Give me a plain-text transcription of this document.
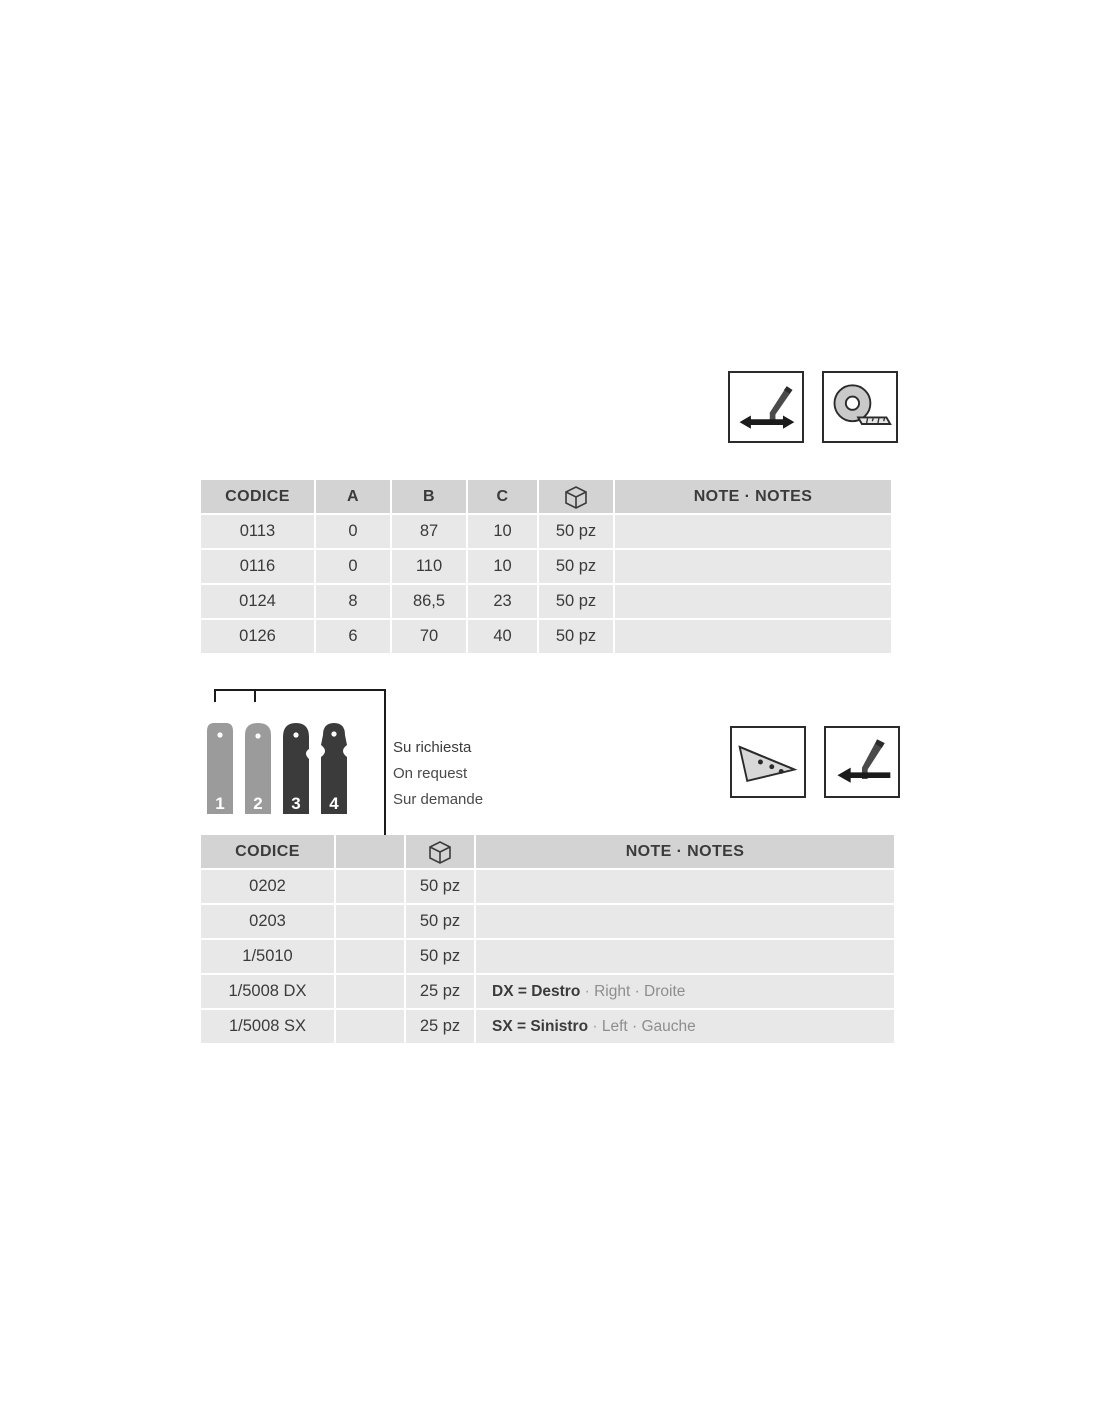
CODICE	A	B	C		NOTE · NOTES
0113	0	87	10	50 pz	
0116	0	110	10	50 pz	
0124	8	86,5	23	50 pz	
0126	6	70	40	50 pz	
1	2	3	4
Su richiesta
On request
Sur demande
CODICE			NOTE · NOTES
0202		50 pz	
0203		50 pz	
1/5010		50 pz	
1/5008 DX		25 pz	DX = Destro · Right · Droite
1/5008 SX		25 pz	SX = Sinistro · Left · Gauche
